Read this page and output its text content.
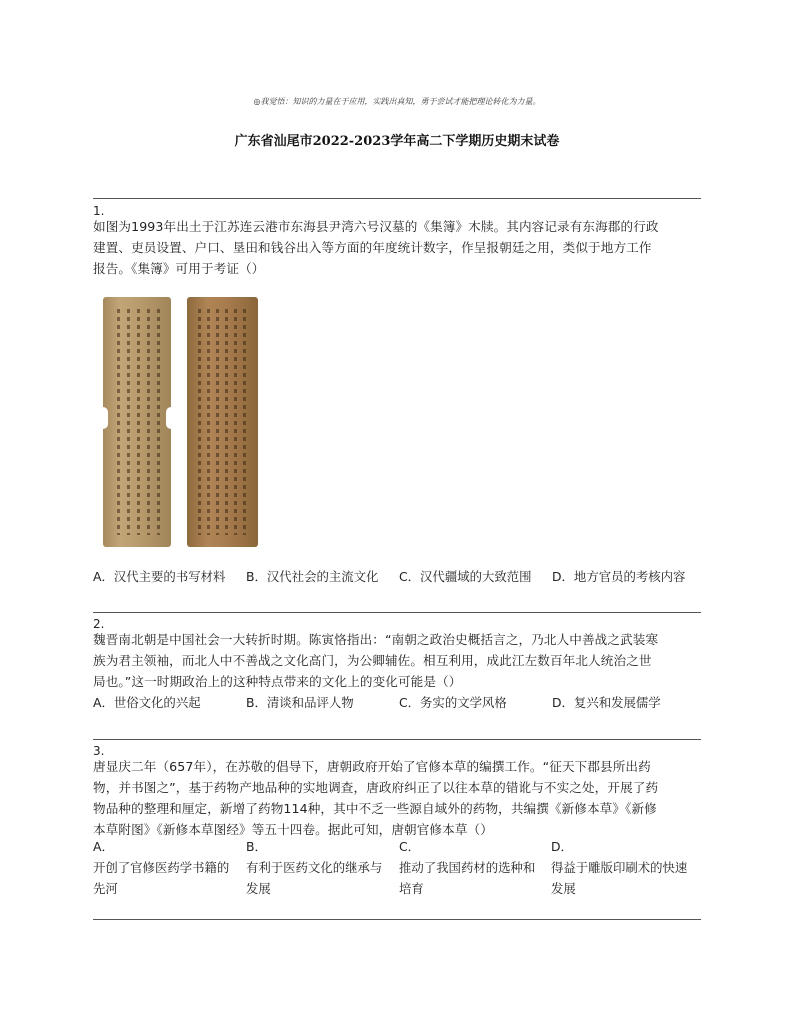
◎我觉悟：知识的力量在于应用，实践出真知，勇于尝试才能把理论转化为力量。
广东省汕尾市2022-2023学年高二下学期历史期末试卷
1.
如图为1993年出土于江苏连云港市东海县尹湾六号汉墓的《集簿》木牍。其内容记录有东海郡的行政
建置、吏员设置、户口、垦田和钱谷出入等方面的年度统计数字，作呈报朝廷之用，类似于地方工作
报告。《集簿》可用于考证（）
A．汉代主要的书写材料 B．汉代社会的主流文化 C．汉代疆域的大致范围 D．地方官员的考核内容
2.
魏晋南北朝是中国社会一大转折时期。陈寅恪指出：“南朝之政治史概括言之，乃北人中善战之武装寒
族为君主领袖，而北人中不善战之文化高门，为公卿辅佐。相互利用，成此江左数百年北人统治之世
局也。”这一时期政治上的这种特点带来的文化上的变化可能是（）
A．世俗文化的兴起	B．清谈和品评人物	C．务实的文学风格	D．复兴和发展儒学
3.
唐显庆二年（657年），在苏敬的倡导下，唐朝政府开始了官修本草的编撰工作。“征天下郡县所出药
物，并书图之”，基于药物产地品种的实地调查，唐政府纠正了以往本草的错讹与不实之处，开展了药
物品种的整理和厘定，新增了药物114种，其中不乏一些源自域外的药物，共编撰《新修本草》《新修
本草附图》《新修本草图经》等五十四卷。据此可知，唐朝官修本草（）
A．
开创了官修医药学书籍的
先河
B．
有利于医药文化的继承与
发展
C．
推动了我国药材的选种和
培育
D．
得益于雕版印刷术的快速
发展
